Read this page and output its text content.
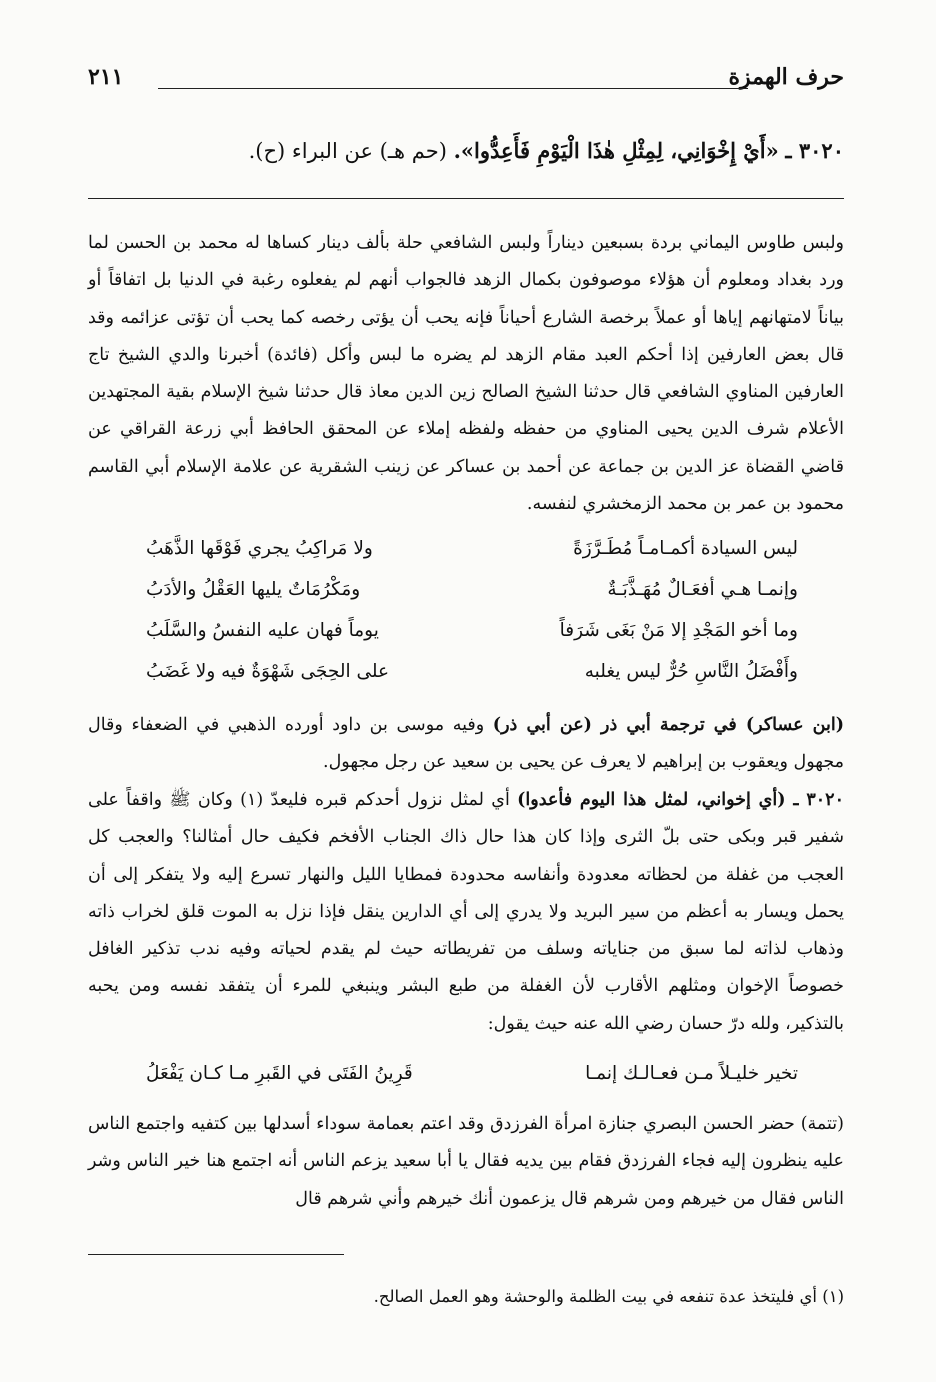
حرف الهمزة
٢١١
٣٠٢٠ ـ «أَيْ إِخْوَانِي، لِمِثْلِ هٰذَا الْيَوْمِ فَأَعِدُّوا». (حم هـ) عن البراء (ح).
ولبس طاوس اليماني بردة بسبعين ديناراً ولبس الشافعي حلة بألف دينار كساها له محمد بن الحسن لما ورد بغداد ومعلوم أن هؤلاء موصوفون بكمال الزهد فالجواب أنهم لم يفعلوه رغبة في الدنيا بل اتفاقاً أو بياناً لامتهانهم إياها أو عملاً برخصة الشارع أحياناً فإنه يحب أن يؤتى رخصه كما يحب أن تؤتى عزائمه وقد قال بعض العارفين إذا أحكم العبد مقام الزهد لم يضره ما لبس وأكل (فائدة) أخبرنا والدي الشيخ تاج العارفين المناوي الشافعي قال حدثنا الشيخ الصالح زين الدين معاذ قال حدثنا شيخ الإسلام بقية المجتهدين الأعلام شرف الدين يحيى المناوي من حفظه ولفظه إملاء عن المحقق الحافظ أبي زرعة القراقي عن قاضي القضاة عز الدين بن جماعة عن أحمد بن عساكر عن زينب الشقرية عن علامة الإسلام أبي القاسم محمود بن عمر بن محمد الزمخشري لنفسه.
ليس السيادة أكمـامـاً مُطَـرَّزَةً
ولا مَراكِبُ يجري فَوْقَها الذَّهَبُ
وإنمـا هـي أفعَـالٌ مُهَـذَّبَـةٌ
ومَكْرُمَاتٌ يليها العَقْلُ والأدَبُ
وما أخو المَجْدِ إلا مَنْ بَغَى شَرَفاً
يوماً فهان عليه النفسُ والسَّلَبُ
وأَفْضَلُ النَّاسِ حُرٌّ ليس يغلبه
على الحِجَى شَهْوَةٌ فيه ولا غَضَبُ
(ابن عساكر) في ترجمة أبي ذر (عن أبي ذر) وفيه موسى بن داود أورده الذهبي في الضعفاء وقال مجهول ويعقوب بن إبراهيم لا يعرف عن يحيى بن سعيد عن رجل مجهول.
٣٠٢٠ ـ (أي إخواني، لمثل هذا اليوم فأعدوا) أي لمثل نزول أحدكم قبره فليعدّ (١) وكان ﷺ واقفاً على شفير قبر وبكى حتى بلّ الثرى وإذا كان هذا حال ذاك الجناب الأفخم فكيف حال أمثالنا؟ والعجب كل العجب من غفلة من لحظاته معدودة وأنفاسه محدودة فمطايا الليل والنهار تسرع إليه ولا يتفكر إلى أن يحمل ويسار به أعظم من سير البريد ولا يدري إلى أي الدارين ينقل فإذا نزل به الموت قلق لخراب ذاته وذهاب لذاته لما سبق من جناياته وسلف من تفريطاته حيث لم يقدم لحياته وفيه ندب تذكير الغافل خصوصاً الإخوان ومثلهم الأقارب لأن الغفلة من طبع البشر وينبغي للمرء أن يتفقد نفسه ومن يحبه بالتذكير، ولله درّ حسان رضي الله عنه حيث يقول:
تخير خليـلاً مـن فعـالـك إنمـا
قَرِينُ الفَتَى في القَبرِ مـا كـان يَفْعَلُ
(تتمة) حضر الحسن البصري جنازة امرأة الفرزدق وقد اعتم بعمامة سوداء أسدلها بين كتفيه واجتمع الناس عليه ينظرون إليه فجاء الفرزدق فقام بين يديه فقال يا أبا سعيد يزعم الناس أنه اجتمع هنا خير الناس وشر الناس فقال من خيرهم ومن شرهم قال يزعمون أنك خيرهم وأني شرهم قال
(١) أي فليتخذ عدة تنفعه في بيت الظلمة والوحشة وهو العمل الصالح.
